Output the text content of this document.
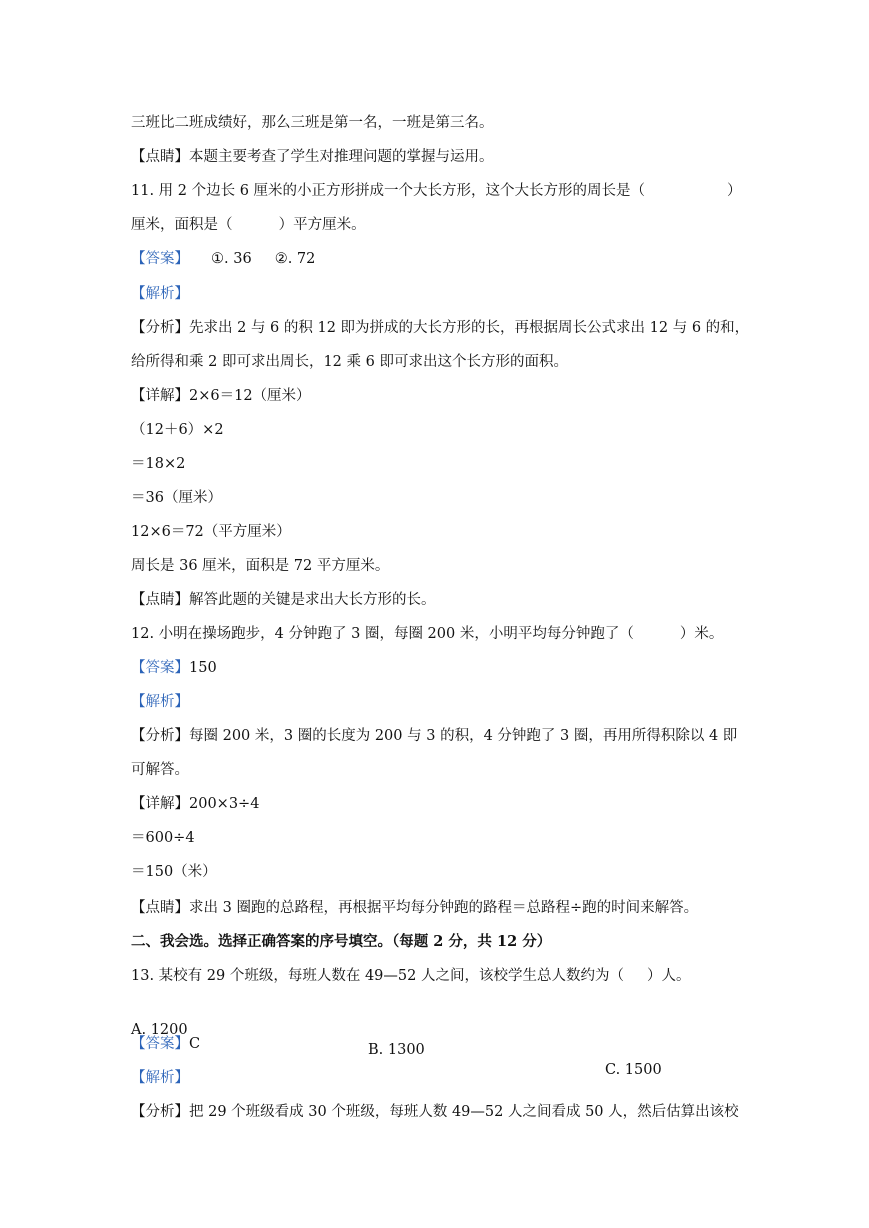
三班比二班成绩好，那么三班是第一名，一班是第三名。
【点睛】本题主要考查了学生对推理问题的掌握与运用。
11. 用 2 个边长 6 厘米的小正方形拼成一个大长方形，这个大长方形的周长是（	）
厘米，面积是（          ）平方厘米。
【答案】 ①. 36     ②. 72
【解析】
【分析】先求出 2 与 6 的积 12 即为拼成的大长方形的长，再根据周长公式求出 12 与 6 的和，
给所得和乘 2 即可求出周长，12 乘 6 即可求出这个长方形的面积。
【详解】2×6＝12（厘米）
（12＋6）×2
＝18×2
＝36（厘米）
12×6＝72（平方厘米）
周长是 36 厘米，面积是 72 平方厘米。
【点睛】解答此题的关键是求出大长方形的长。
12. 小明在操场跑步，4 分钟跑了 3 圈，每圈 200 米，小明平均每分钟跑了（          ）米。
【答案】150
【解析】
【分析】每圈 200 米，3 圈的长度为 200 与 3 的积，4 分钟跑了 3 圈，再用所得积除以 4 即
可解答。
【详解】200×3÷4
＝600÷4
＝150（米）
【点睛】求出 3 圈跑的总路程，再根据平均每分钟跑的路程＝总路程÷跑的时间来解答。
二、我会选。选择正确答案的序号填空。（每题 2 分，共 12 分）
13. 某校有 29 个班级，每班人数在 49—52 人之间，该校学生总人数约为（     ）人。

A. 1200

B. 1300

C. 1500

【答案】C
【解析】
【分析】把 29 个班级看成 30 个班级，每班人数 49—52 人之间看成 50 人，然后估算出该校
